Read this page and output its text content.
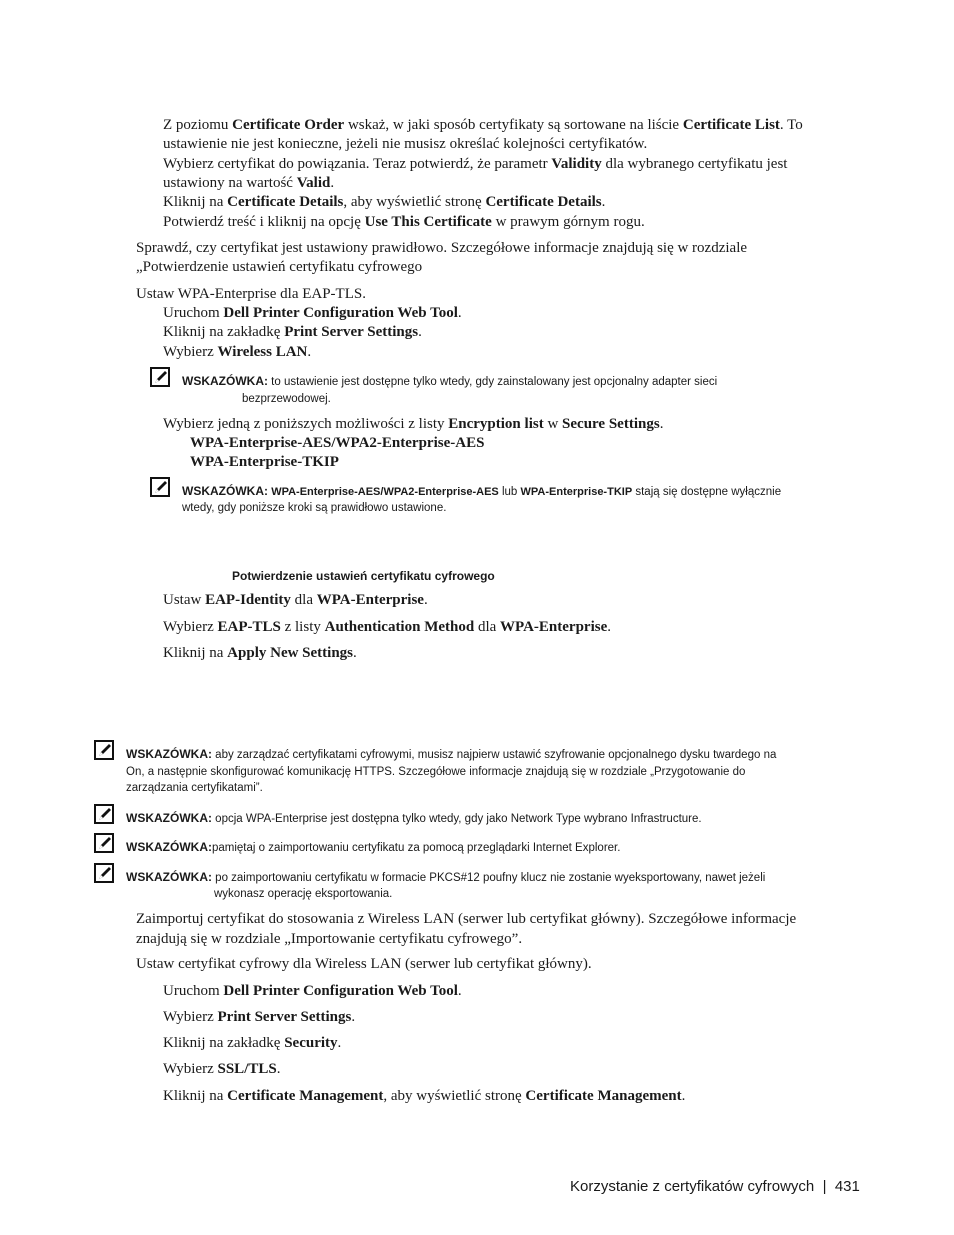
Z poziomu Certificate Order wskaż, w jaki sposób certyfikaty są sortowane na liście Certificate List. To
ustawienie nie jest konieczne, jeżeli nie musisz określać kolejności certyfikatów.
Wybierz certyfikat do powiązania. Teraz potwierdź, że parametr Validity dla wybranego certyfikatu jest
ustawiony na wartość Valid.
Kliknij na Certificate Details, aby wyświetlić stronę Certificate Details.
Potwierdź treść i kliknij na opcję Use This Certificate w prawym górnym rogu.
Sprawdź, czy certyfikat jest ustawiony prawidłowo. Szczegółowe informacje znajdują się w rozdziale
„Potwierdzenie ustawień certyfikatu cyfrowego
Ustaw WPA-Enterprise dla EAP-TLS.
Uruchom Dell Printer Configuration Web Tool.
Kliknij na zakładkę Print Server Settings.
Wybierz Wireless LAN.
WSKAZÓWKA: to ustawienie jest dostępne tylko wtedy, gdy zainstalowany jest opcjonalny adapter sieci
bezprzewodowej.
Wybierz jedną z poniższych możliwości z listy Encryption list w Secure Settings.
WPA-Enterprise-AES/WPA2-Enterprise-AES
WPA-Enterprise-TKIP
WSKAZÓWKA: WPA-Enterprise-AES/WPA2-Enterprise-AES lub WPA-Enterprise-TKIP stają się dostępne wyłącznie
wtedy, gdy poniższe kroki są prawidłowo ustawione.
Potwierdzenie ustawień certyfikatu cyfrowego
Ustaw EAP-Identity dla WPA-Enterprise.
Wybierz EAP-TLS z listy Authentication Method dla WPA-Enterprise.
Kliknij na Apply New Settings.
WSKAZÓWKA: aby zarządzać certyfikatami cyfrowymi, musisz najpierw ustawić szyfrowanie opcjonalnego dysku twardego na
On, a następnie skonfigurować komunikację HTTPS. Szczegółowe informacje znajdują się w rozdziale „Przygotowanie do
zarządzania certyfikatami”.
WSKAZÓWKA: opcja WPA-Enterprise jest dostępna tylko wtedy, gdy jako Network Type wybrano Infrastructure.
WSKAZÓWKA:pamiętaj o zaimportowaniu certyfikatu za pomocą przeglądarki Internet Explorer.
WSKAZÓWKA: po zaimportowaniu certyfikatu w formacie PKCS#12 poufny klucz nie zostanie wyeksportowany, nawet jeżeli
wykonasz operację eksportowania.
Zaimportuj certyfikat do stosowania z Wireless LAN (serwer lub certyfikat główny). Szczegółowe informacje
znajdują się w rozdziale „Importowanie certyfikatu cyfrowego”.
Ustaw certyfikat cyfrowy dla Wireless LAN (serwer lub certyfikat główny).
Uruchom Dell Printer Configuration Web Tool.
Wybierz Print Server Settings.
Kliknij na zakładkę Security.
Wybierz SSL/TLS.
Kliknij na Certificate Management, aby wyświetlić stronę Certificate Management.
Korzystanie z certyfikatów cyfrowych | 431
